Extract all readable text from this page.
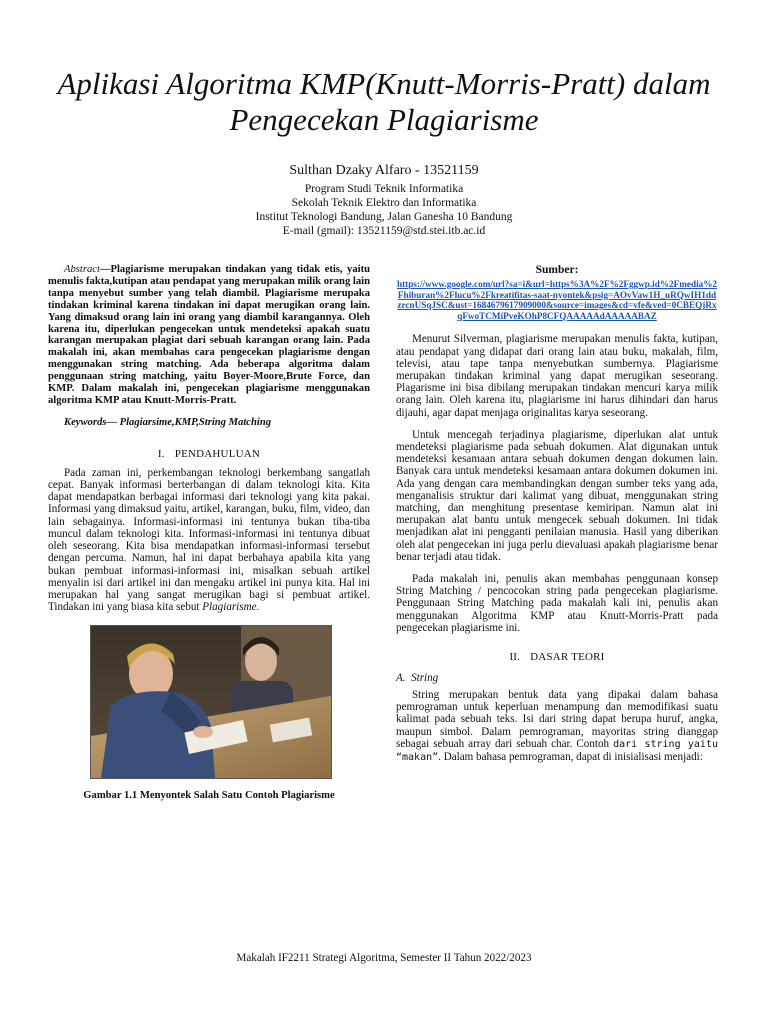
Aplikasi Algoritma KMP(Knutt-Morris-Pratt) dalam Pengecekan Plagiarisme
Sulthan Dzaky Alfaro - 13521159
Program Studi Teknik Informatika
Sekolah Teknik Elektro dan Informatika
Institut Teknologi Bandung, Jalan Ganesha 10 Bandung
E-mail (gmail): 13521159@std.stei.itb.ac.id

Abstract—Plagiarisme merupakan tindakan yang tidak etis, yaitu menulis fakta,kutipan atau pendapat yang merupakan milik orang lain tanpa menyebut sumber yang telah diambil. Plagiarisme merupaka tindakan kriminal karena tindakan ini dapat merugikan orang lain. Yang dimaksud orang lain ini orang yang diambil karangannya. Oleh karena itu, diperlukan pengecekan untuk mendeteksi apakah suatu karangan merupakan plagiat dari sebuah karangan orang lain. Pada makalah ini, akan membahas cara pengecekan plagiarisme dengan menggunakan string matching. Ada beberapa algoritma dalam penggunaan string matching, yaitu Boyer-Moore,Brute Force, dan KMP. Dalam makalah ini, pengecekan plagiarisme menggunakan algoritma KMP atau Knutt-Morris-Pratt.

Keywords— Plagiarsime,KMP,String Matching

I. PENDAHULUAN

Pada zaman ini, perkembangan teknologi berkembang sangatlah cepat. Banyak informasi berterbangan di dalam teknologi kita. Kita dapat mendapatkan berbagai informasi dari teknologi yang kita pakai. Informasi yang dimaksud yaitu, artikel, karangan, buku, film, video, dan lain sebagainya. Informasi-informasi ini tentunya bukan tiba-tiba muncul dalam teknologi kita. Informasi-informasi ini tentunya dibuat oleh seseorang. Kita bisa mendapatkan informasi-informasi tersebut dengan percuma. Namun, hal ini dapat berbahaya apabila kita yang bukan pembuat informasi-informasi ini, misalkan sebuah artikel menyalin isi dari artikel ini dan mengaku artikel ini punya kita. Hal ini merupakan hal yang sangat merugikan bagi si pembuat artikel. Tindakan ini yang biasa kita sebut Plagiarisme.

Gambar 1.1 Menyontek Salah Satu Contoh Plagiarisme

Sumber:

https://www.google.com/url?sa=i&url=https%3A%2F%2Fggwp.id%2Fmedia%2Fhiburan%2Flucu%2Fkreatifitas-saat-nyontek&psig=AOvVaw1H_uRQwIH1ddzrcnUSqJSC&ust=1684679617909000&source=images&cd=vfe&ved=0CBEQjRxqFwoTCMiPveKOhP8CFQAAAAAdAAAAABAZ

Menurut Silverman, plagiarisme merupakan menulis fakta, kutipan, atau pendapat yang didapat dari orang lain atau buku, makalah, film, televisi, atau tape tanpa menyebutkan sumbernya. Plagiarisme merupakan tindakan kriminal yang dapat merugikan seseorang. Plagarisme ini bisa dibilang merupakan tindakan mencuri karya milik orang lain. Oleh karena itu, plagiarisme ini harus dihindari dan harus dijauhi, agar dapat menjaga originalitas karya seseorang.

Untuk mencegah terjadinya plagiarisme, diperlukan alat untuk mendeteksi plagiarisme pada sebuah dokumen. Alat digunakan untuk mendeteksi kesamaan antara sebuah dokumen dengan dokumen lain. Banyak cara untuk mendeteksi kesamaan antara dokumen dokumen ini. Ada yang dengan cara membandingkan dengan sumber teks yang ada, menganalisis struktur dari kalimat yang dibuat, menggunakan string matching, dan menghitung presentase kemiripan. Namun alat ini merupakan alat bantu untuk mengecek sebuah dokumen. Ini tidak menjadikan alat ini pengganti penilaian manusia. Hasil yang diberikan oleh alat pengecekan ini juga perlu dievaluasi apakah plagiarisme benar benar terjadi atau tidak.

Pada makalah ini, penulis akan membahas penggunaan konsep String Matching / pencocokan string pada pengecekan plagiarisme. Penggunaan String Matching pada makalah kali ini, penulis akan menggunakan Algoritma KMP atau Knutt-Morris-Pratt pada pengecekan plagiarisme ini.

II. DASAR TEORI
A. String

String merupakan bentuk data yang dipakai dalam bahasa pemrograman untuk keperluan menampung dan memodifikasi suatu kalimat pada sebuah teks. Isi dari string dapat berupa huruf, angka, maupun simbol. Dalam pemrograman, mayoritas string dianggap sebagai sebuah array dari sebuah char. Contoh dari string yaitu “makan”. Dalam bahasa pemrograman, dapat di inisialisasi menjadi:

Makalah IF2211 Strategi Algoritma, Semester II Tahun 2022/2023
